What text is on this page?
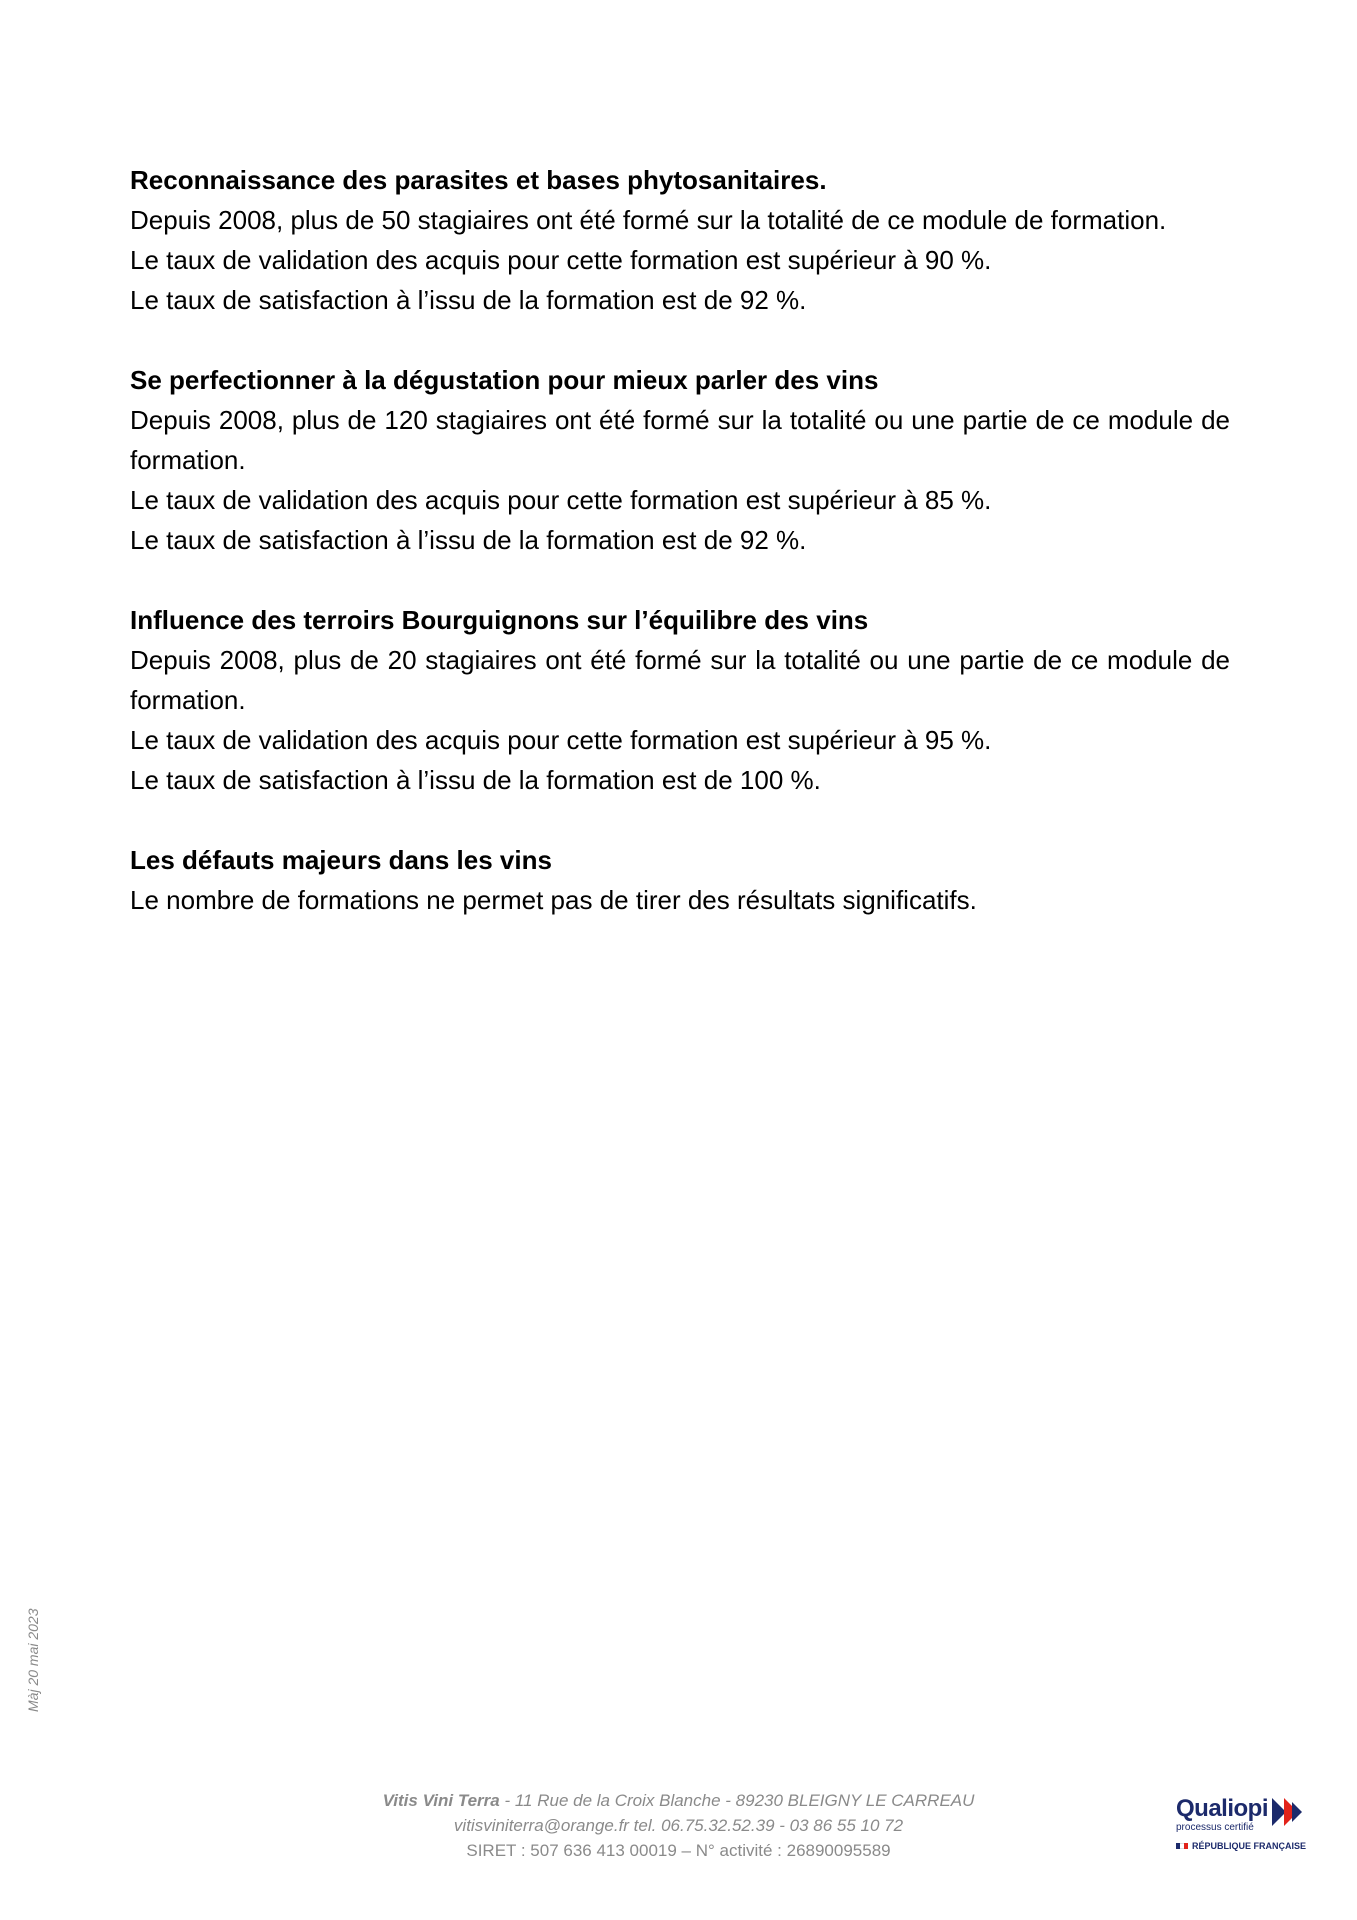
Reconnaissance des parasites et bases phytosanitaires.

Depuis 2008, plus de 50 stagiaires ont été formé sur la totalité de ce module de formation.

Le taux de validation des acquis pour cette formation est supérieur à 90 %.

Le taux de satisfaction à l’issu de la formation est de 92 %.

Se perfectionner à la dégustation pour mieux parler des vins

Depuis 2008, plus de 120 stagiaires ont été formé sur la totalité ou une partie de ce module de formation.

Le taux de validation des acquis pour cette formation est supérieur à 85 %.

Le taux de satisfaction à l’issu de la formation est de 92 %.

Influence des terroirs Bourguignons sur l’équilibre des vins

Depuis 2008, plus de 20 stagiaires ont été formé sur la totalité ou une partie de ce module de formation.

Le taux de validation des acquis pour cette formation est supérieur à 95 %.

Le taux de satisfaction à l’issu de la formation est de 100 %.

Les défauts majeurs dans les vins

Le nombre de formations ne permet pas de tirer des résultats significatifs.

Màj 20 mai 2023

Vitis Vini Terra - 11 Rue de la Croix Blanche - 89230 BLEIGNY LE CARREAU

vitisviniterra@orange.fr tel. 06.75.32.52.39 - 03 86 55 10 72

SIRET : 507 636 413 00019 – N° activité : 26890095589

Qualiopi
processus certifié
RÉPUBLIQUE FRANÇAISE
